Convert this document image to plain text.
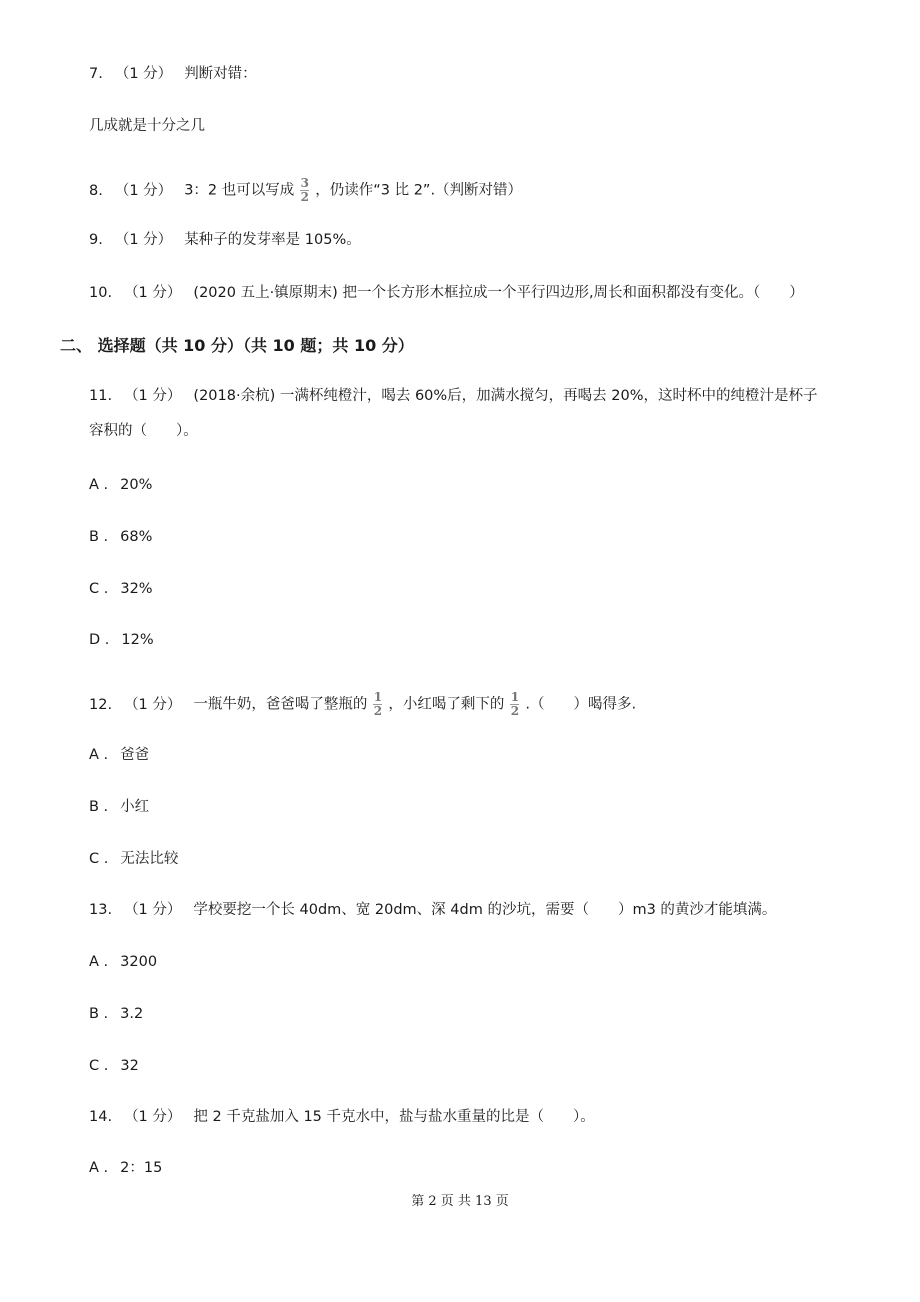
7. （1 分） 判断对错：
几成就是十分之几
8. （1 分） 3：2 也可以写成 $\frac{3}{2}$ ，仍读作“3 比 2”.（判断对错）
9. （1 分） 某种子的发芽率是 105%。
10. （1 分） (2020 五上·镇原期末) 把一个长方形木框拉成一个平行四边形,周长和面积都没有变化。（　　）
二、 选择题（共 10 分）（共 10 题；共 10 分）
11. （1 分） (2018·余杭) 一满杯纯橙汁，喝去 60%后，加满水搅匀，再喝去 20%，这时杯中的纯橙汁是杯子
容积的（　　）。
A . 20%
B . 68%
C . 32%
D . 12%
12. （1 分） 一瓶牛奶，爸爸喝了整瓶的 $\frac{1}{2}$ ，小红喝了剩下的 $\frac{1}{2}$ .（　　）喝得多.
A . 爸爸
B . 小红
C . 无法比较
13. （1 分） 学校要挖一个长 40dm、宽 20dm、深 4dm 的沙坑，需要（　　）m3 的黄沙才能填满。
A . 3200
B . 3.2
C . 32
14. （1 分） 把 2 千克盐加入 15 千克水中，盐与盐水重量的比是（　　）。
A . 2：15
第 2 页 共 13 页
